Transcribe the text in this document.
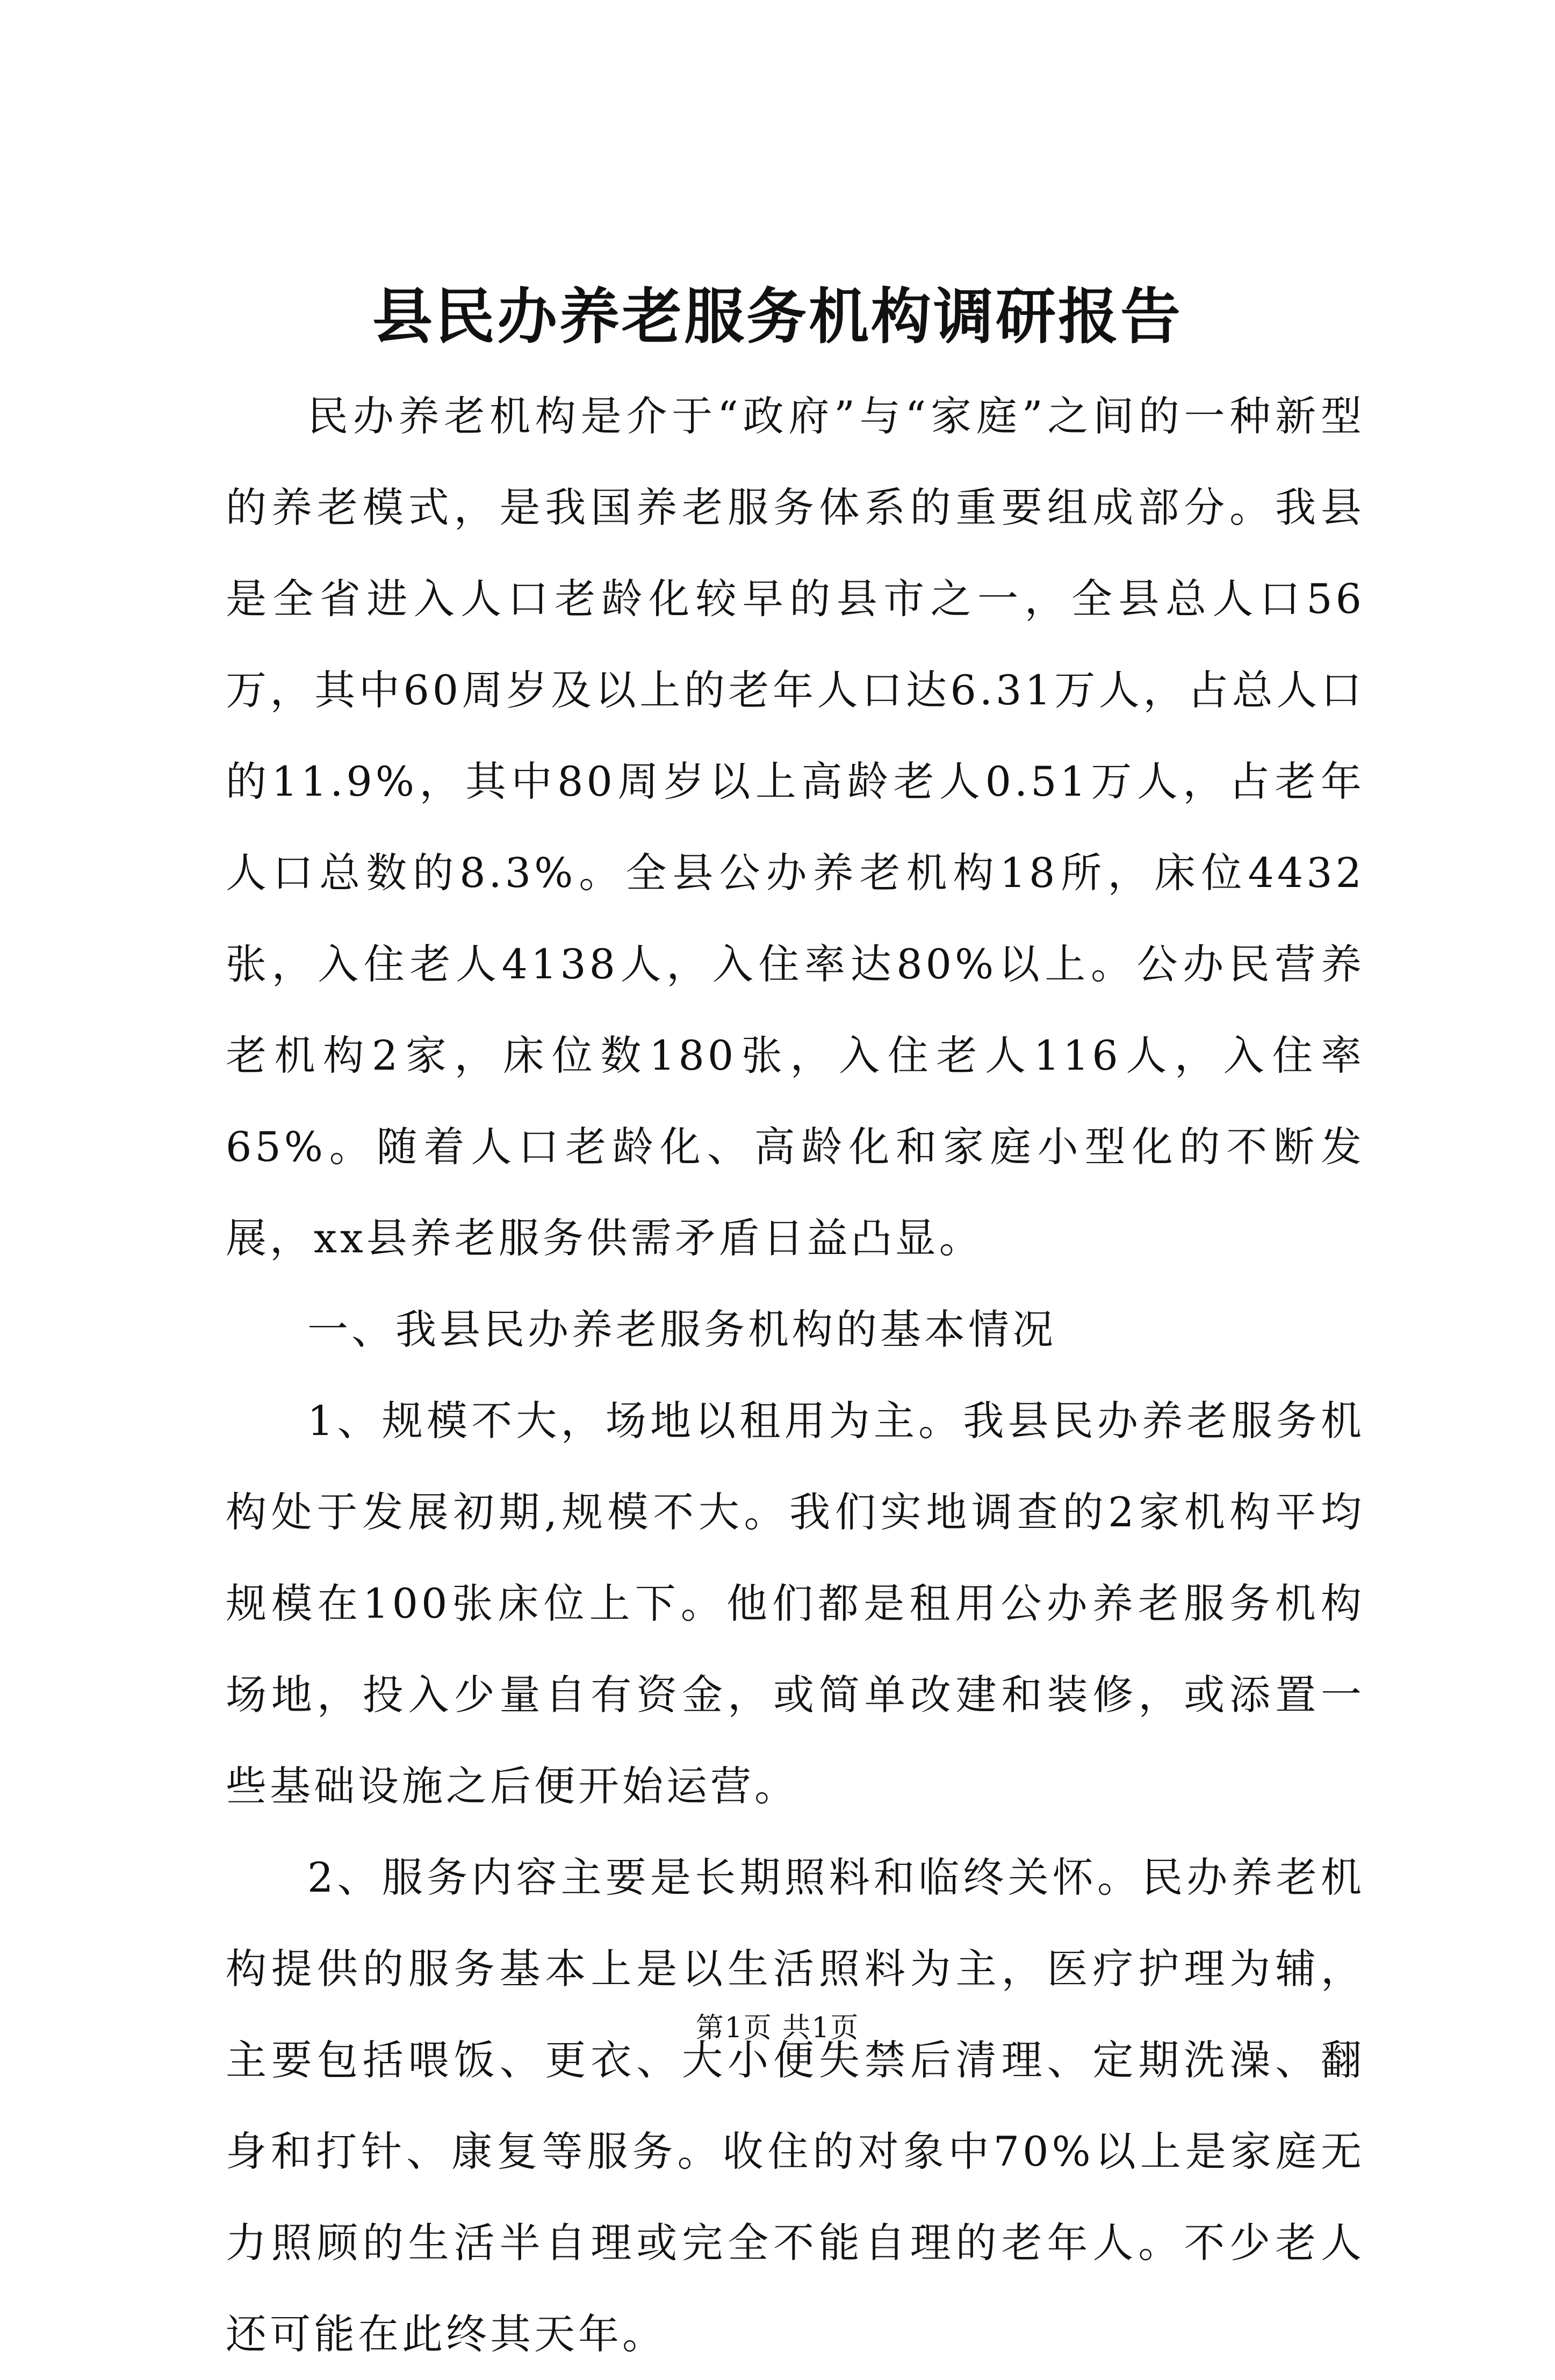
县民办养老服务机构调研报告

民办养老机构是介于“政府”与“家庭”之间的一种新型的养老模式，是我国养老服务体系的重要组成部分。我县是全省进入人口老龄化较早的县市之一，全县总人口56万，其中60周岁及以上的老年人口达6.31万人，占总人口的11.9%，其中80周岁以上高龄老人0.51万人，占老年人口总数的8.3%。全县公办养老机构18所，床位4432张，入住老人4138人，入住率达80%以上。公办民营养老机构2家，床位数180张，入住老人116人，入住率65%。随着人口老龄化、高龄化和家庭小型化的不断发展，xx县养老服务供需矛盾日益凸显。

一、我县民办养老服务机构的基本情况

1、规模不大，场地以租用为主。我县民办养老服务机构处于发展初期,规模不大。我们实地调查的2家机构平均规模在100张床位上下。他们都是租用公办养老服务机构场地，投入少量自有资金，或简单改建和装修，或添置一些基础设施之后便开始运营。

2、服务内容主要是长期照料和临终关怀。民办养老机构提供的服务基本上是以生活照料为主，医疗护理为辅，主要包括喂饭、更衣、大小便失禁后清理、定期洗澡、翻身和打针、康复等服务。收住的对象中70%以上是家庭无力照顾的生活半自理或完全不能自理的老年人。不少老人还可能在此终其天年。

第1页 共1页
